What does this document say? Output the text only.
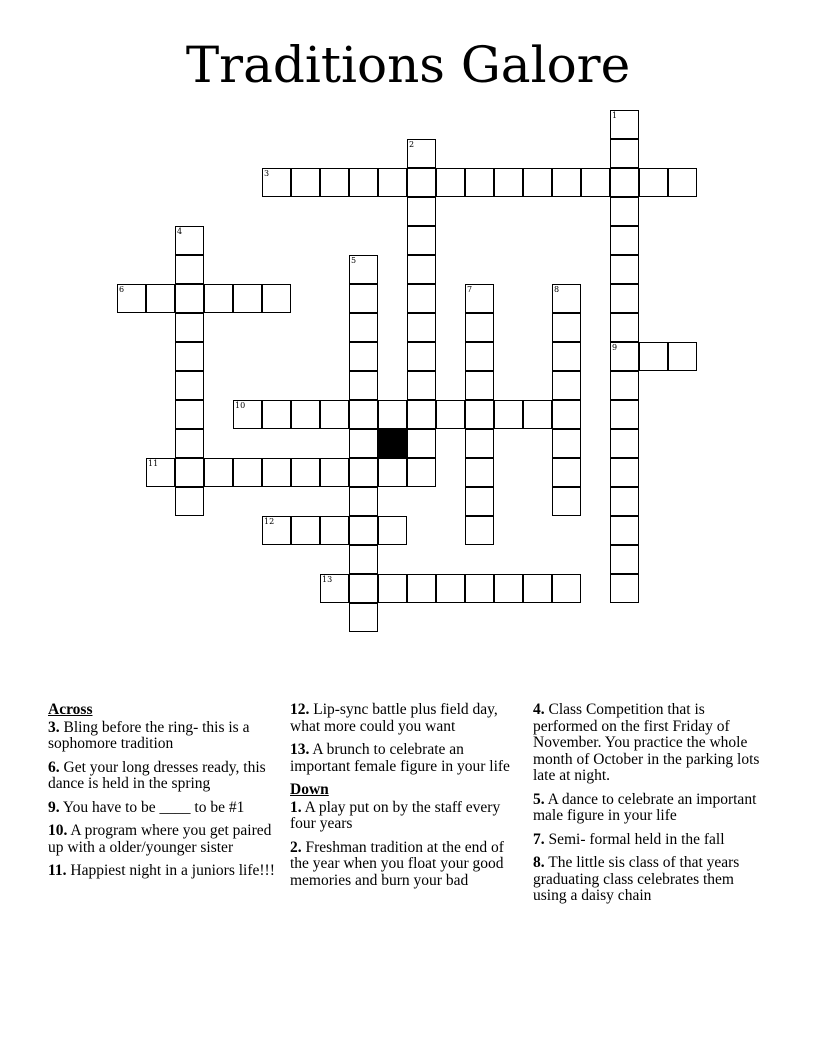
Traditions Galore
1
2
3
4
5
6	7	8
9
10
11
12
13
Across
3. Bling before the ring- this is a sophomore tradition
6. Get your long dresses ready, this dance is held in the spring
9. You have to be ____ to be #1
10. A program where you get paired up with a older/younger sister
11. Happiest night in a juniors life!!!
12. Lip-sync battle plus field day, what more could you want
13. A brunch to celebrate an important female figure in your life
Down
1. A play put on by the staff every four years
2. Freshman tradition at the end of the year when you float your good memories and burn your bad
4. Class Competition that is performed on the first Friday of November. You practice the whole month of October in the parking lots late at night.
5. A dance to celebrate an important male figure in your life
7. Semi- formal held in the fall
8. The little sis class of that years graduating class celebrates them using a daisy chain
